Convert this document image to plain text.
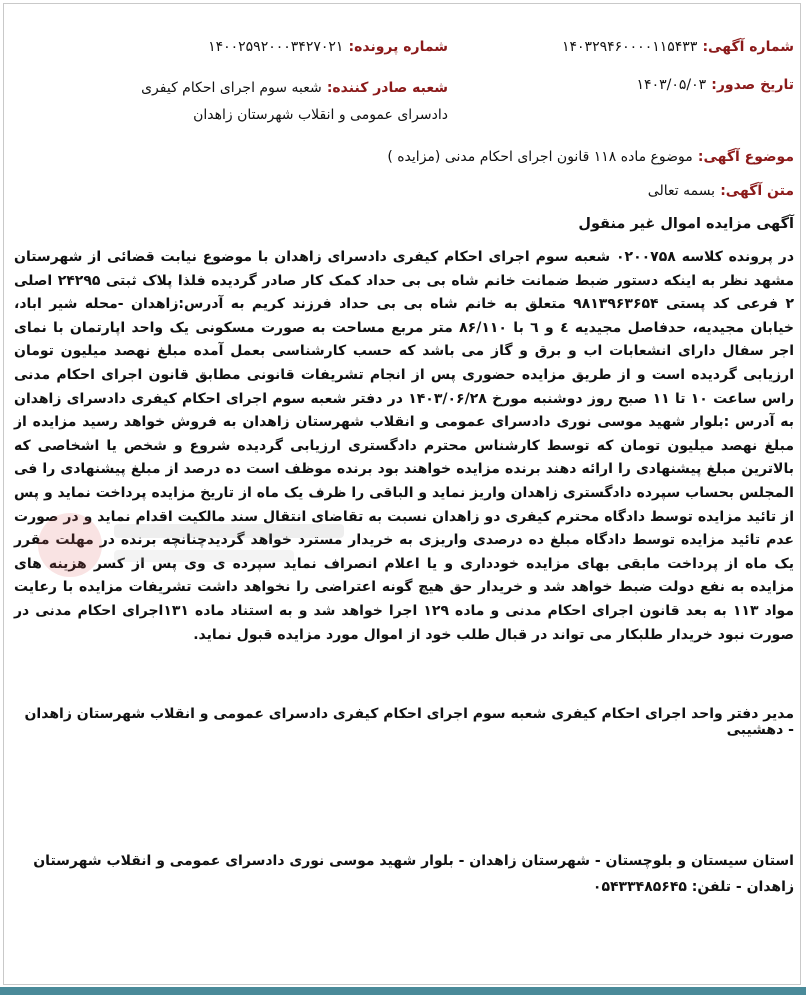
شماره آگهی: ۱۴۰۳۲۹۴۶۰۰۰۰۱۱۵۴۳۳
شماره پرونده: ۱۴۰۰۲۵۹۲۰۰۰۳۴۲۷۰۲۱
تاریخ صدور: ۱۴۰۳/۰۵/۰۳
شعبه صادر کننده: شعبه سوم اجرای احکام کیفری دادسرای عمومی و انقلاب شهرستان زاهدان
موضوع آگهی: موضوع ماده ۱۱۸ قانون اجرای احکام مدنی (مزایده )
متن آگهی: بسمه تعالی
آگهی مزایده اموال غیر منقول
در پرونده کلاسه ۰۲۰۰۷۵۸ شعبه سوم اجرای احکام کیفری دادسرای زاهدان با موضوع نیابت قضائی از شهرستان مشهد نظر به اینکه دستور ضبط ضمانت خانم شاه بی بی حداد کمک کار صادر گردیده فلذا پلاک ثبتی ۲۴۲۹۵ اصلی ۲ فرعی کد پستی ۹۸۱۳۹۶۳۶۵۴ متعلق به خانم شاه بی بی حداد فرزند کریم به آدرس:زاهدان -محله شیر اباد، خیابان مجیدیه، حدفاصل مجیدیه ٤ و ٦ با ۸۶/۱۱۰ متر مربع مساحت به صورت مسکونی یک واحد اپارتمان با نمای اجر سفال دارای انشعابات اب و برق و گاز می باشد که حسب کارشناسی بعمل آمده مبلغ نهصد میلیون تومان ارزیابی گردیده است و از طریق مزایده حضوری پس از انجام تشریفات قانونی مطابق قانون اجرای احکام مدنی راس ساعت ۱۰ تا ۱۱ صبح روز دوشنبه مورخ ۱۴۰۳/۰۶/۲۸ در دفتر شعبه سوم اجرای احکام کیفری دادسرای زاهدان به آدرس :بلوار شهید موسی نوری دادسرای عمومی و انقلاب شهرستان زاهدان به فروش خواهد رسید مزایده از مبلغ نهصد میلیون تومان که توسط کارشناس محترم دادگستری ارزیابی گردیده شروع و شخص یا اشخاصی که بالاترین مبلغ پیشنهادی را ارائه دهند برنده مزایده خواهند بود برنده موظف است ده درصد از مبلغ پیشنهادی را فی المجلس بحساب سپرده دادگستری زاهدان واریز نماید و الباقی را ظرف یک ماه از تاریخ مزایده پرداخت نماید و پس از تائید مزایده توسط دادگاه محترم کیفری دو زاهدان نسبت به تقاضای انتقال سند مالکیت اقدام نماید و در صورت عدم تائید مزایده توسط دادگاه مبلغ ده درصدی واریزی به خریدار مسترد خواهد گردیدچنانچه برنده در مهلت مقرر یک ماه از پرداخت مابقی بهای مزایده خودداری و یا اعلام انصراف نماید سپرده ی وی پس از کسر هزینه های مزایده به نفع دولت ضبط خواهد شد و خریدار حق هیچ گونه اعتراضی را نخواهد داشت تشریفات مزایده با رعایت مواد ۱۱۳ به بعد قانون اجرای احکام مدنی و ماده ۱۲۹ اجرا خواهد شد و به استناد ماده ۱۳۱اجرای احکام مدنی در صورت نبود خریدار طلبکار می تواند در قبال طلب خود از اموال مورد مزایده قبول نماید.
مدیر دفتر واحد اجرای احکام کیفری شعبه سوم اجرای احکام کیفری دادسرای عمومی و انقلاب شهرستان زاهدان - دهشیبی
استان سیستان و بلوچستان - شهرستان زاهدان - بلوار شهید موسی نوری دادسرای عمومی و انقلاب شهرستان زاهدان - تلفن: ۰۵۴۳۳۴۸۵۶۴۵
